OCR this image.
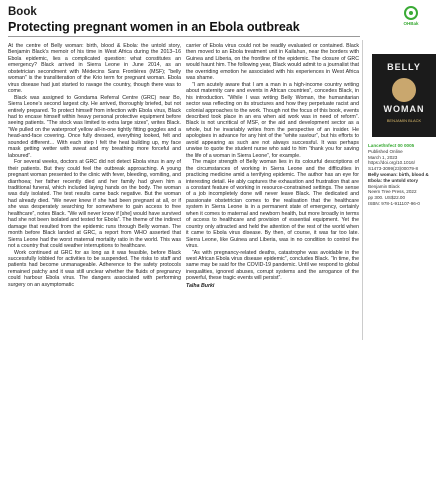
Book
Protecting pregnant women in an Ebola outbreak	OHBak

At the centre of Belly woman: birth, blood & Ebola: the untold story, Benjamin Black’s memoir of his time in West Africa during the 2013–16 Ebola epidemic, lies a complicated question: what constitutes an emergency? Black arrived in Sierra Leone in June 2014, as an obstetrician secondment with Médecins Sans Frontières (MSF); “belly woman” is the transliteration of the Krio term for pregnant woman. Ebola virus disease had just started to ravage the country, though there was to come.

Black was assigned to Gondama Referral Centre (GRC) near Bo, Sierra Leone’s second largest city. He arrived, thoroughly briefed, but not entirely prepared. To protect himself from infection with Ebola virus, Black had to encase himself within heavy personal protective equipment before seeing patients. “The stock was limited to extra large sizes”, writes Black. “We pulled on the waterproof yellow all-in-one tightly fitting goggles and a head-and-face covering. Once fully dressed, everything looked, felt and sounded different… With each step I felt the heat building up, my face mask getting wetter with sweat and my breathing more forceful and laboured”.

For several weeks, doctors at GRC did not detect Ebola virus in any of their patients. But they could feel the outbreak approaching. A young pregnant woman presented to the clinic with fever, bleeding, vomiting, and diarrhoea; her father recently died and her family had given him a traditional funeral, which included laying hands on the body. The woman was duly isolated. The test results came back negative. But the woman had already died. “We never knew if she had been pregnant at all, or if she was desperately searching for somewhere to gain access to free healthcare”, notes Black. “We will never know if [she] would have survived had she not been isolated and tested for Ebola”. The theme of the indirect damage that resulted from the epidemic runs through Belly woman. The month before Black landed at GRC, a report from WHO asserted that Sierra Leone had the worst maternal mortality ratio in the world. This was not a country that could weather interruptions to healthcare.

Work continued at GRC for as long as it was feasible, before Black successfully lobbied for activities to be suspended. The risks to staff and patients had become unmanageable. Adherence to the safety protocols remained patchy and it was still unclear whether the fluids of pregnancy could harbour Ebola virus. The dangers associated with performing surgery on an asymptomatic

carrier of Ebola virus could not be readily evaluated or contained. Black then moved to an Ebola treatment unit in Kailahun, near the borders with Guinea and Liberia, on the frontline of the epidemic. The closure of GRC would haunt him. The following year, Black would admit to a journalist that the overriding emotion he associated with his experiences in West Africa was shame.

“I am acutely aware that I am a man in a high-income country writing about maternity care and events in African countries”, concedes Black, in his introduction. “While I was writing Belly Woman, the humanitarian sector was reflecting on its structures and how they perpetuate racist and colonial approaches to the work. Though not the focus of this book, events described took place in an era when aid work was in need of reform”. Black is not uncritical of MSF, or the aid and development sector as a whole, but he invariably writes from the perspective of an insider. He apologises in advance for any hint of the “white saviour”, but his efforts to avoid appearing as such are not always successful. It was perhaps unwise to quote the student nurse who said to him “thank you for saving the life of a woman in Sierra Leone”, for example.

The major strength of Belly woman lies in its colourful descriptions of the circumstances of working in Sierra Leone and the difficulties in practicing medicine amid a terrifying epidemic. The author has an eye for interesting detail. He ably captures the exhaustion and frustration that are a constant feature of working in resource-constrained settings. The sense of a job incompletely done will never leave Black. The dedicated and passionate obstetrician comes to the realisation that the healthcare system in Sierra Leone is in a permanent state of emergency, certainly when it comes to maternal and newborn health, but more broadly in terms of access to healthcare and provision of essential equipment. Yet the country only attracted and held the attention of the rest of the world when it came to Ebola virus disease. By then, of course, it was far too late. Sierra Leone, like Guinea and Liberia, was in no condition to control the virus.

“As with pregnancy-related deaths, catastrophe was avoidable in the west African Ebola virus disease epidemic”, concludes Black. “In time, the same may be said for the COVID-19 pandemic. Until we respond to global inequalities, ignored abuses, corrupt systems and the arrogance of the powerful, these tragic events will persist”.

Talha Burki

BELLY
WOMAN
BENJAMIN BLACK
Lancet/Infect 00 0005
Published Online
March 1, 2023
https://doi.org/10.1016/
S1473-3099(23)00079-8
Belly woman: birth, blood & Ebola: the untold story
Benjamin Black
Neem Tree Press, 2022
pp 300. US$22.00
ISBN: 978-1-911107-96-0
